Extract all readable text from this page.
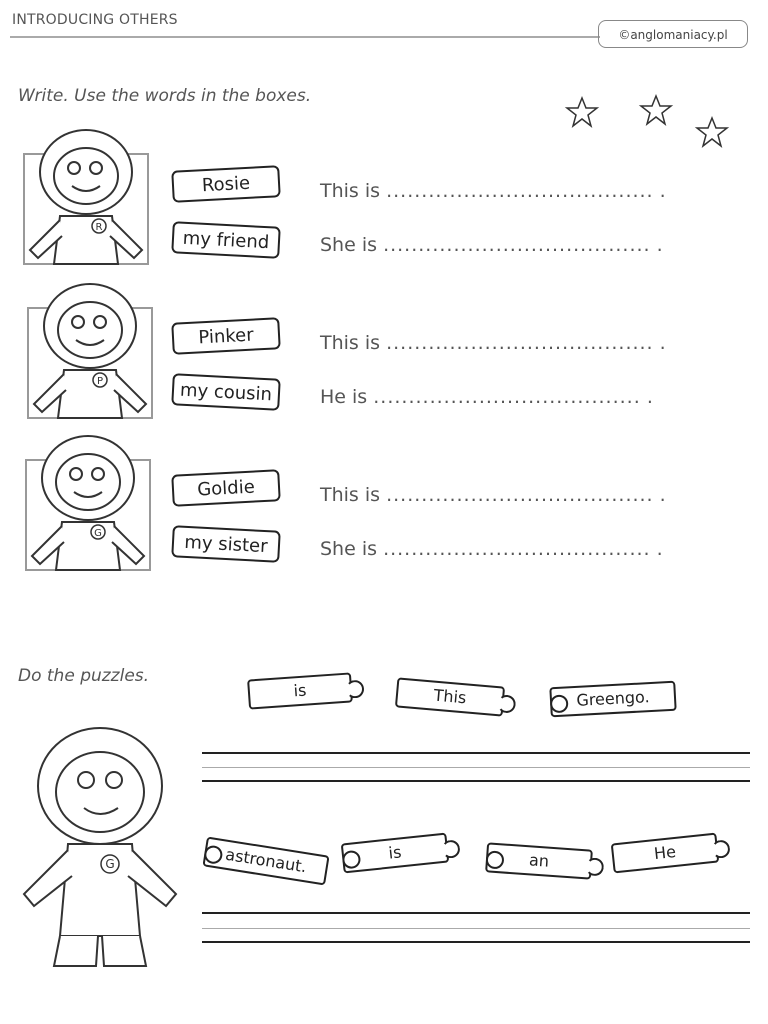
INTRODUCING OTHERS
©anglomaniacy.pl
Write. Use the words in the boxes.
R
Rosie
my friend
This is ...................................... .
She is ...................................... .
P
Pinker
my cousin
This is ...................................... .
He is ...................................... .
G
Goldie
my sister
This is ...................................... .
She is ...................................... .
Do the puzzles.
G
is	This	Greengo.
astronaut.	is	an	He
